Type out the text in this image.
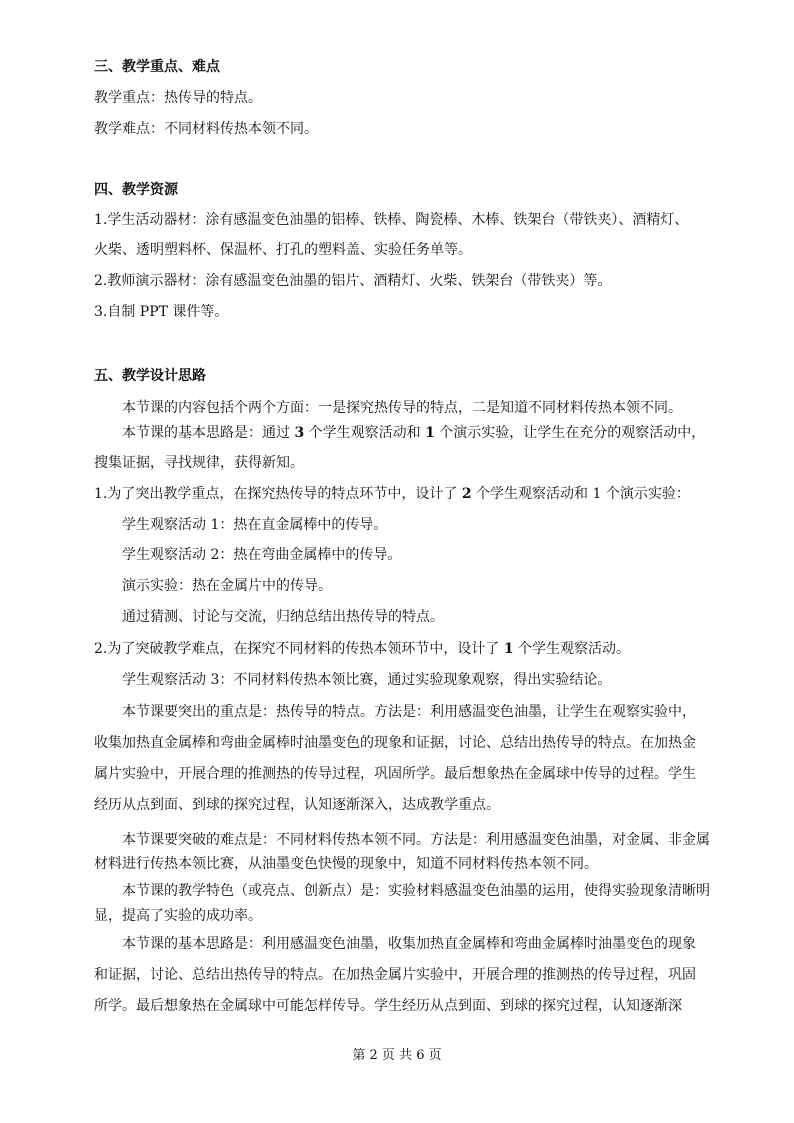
三、教学重点、难点
教学重点：热传导的特点。
教学难点：不同材料传热本领不同。
四、教学资源
1.学生活动器材：涂有感温变色油墨的铝棒、铁棒、陶瓷棒、木棒、铁架台（带铁夹）、酒精灯、
火柴、透明塑料杯、保温杯、打孔的塑料盖、实验任务单等。
2.教师演示器材：涂有感温变色油墨的铝片、酒精灯、火柴、铁架台（带铁夹）等。
3.自制 PPT 课件等。
五、教学设计思路
本节课的内容包括个两个方面：一是探究热传导的特点，二是知道不同材料传热本领不同。
本节课的基本思路是：通过 3 个学生观察活动和 1 个演示实验，让学生在充分的观察活动中，
搜集证据，寻找规律，获得新知。
1.为了突出教学重点，在探究热传导的特点环节中，设计了 2 个学生观察活动和 1 个演示实验：
学生观察活动 1：热在直金属棒中的传导。
学生观察活动 2：热在弯曲金属棒中的传导。
演示实验：热在金属片中的传导。
通过猜测、讨论与交流，归纳总结出热传导的特点。
2.为了突破教学难点，在探究不同材料的传热本领环节中，设计了 1 个学生观察活动。
学生观察活动 3：不同材料传热本领比赛，通过实验现象观察，得出实验结论。
本节课要突出的重点是：热传导的特点。方法是：利用感温变色油墨，让学生在观察实验中，
收集加热直金属棒和弯曲金属棒时油墨变色的现象和证据，讨论、总结出热传导的特点。在加热金
属片实验中，开展合理的推测热的传导过程，巩固所学。最后想象热在金属球中传导的过程。学生
经历从点到面、到球的探究过程，认知逐渐深入，达成教学重点。
本节课要突破的难点是：不同材料传热本领不同。方法是：利用感温变色油墨，对金属、非金属
材料进行传热本领比赛，从油墨变色快慢的现象中，知道不同材料传热本领不同。
本节课的教学特色（或亮点、创新点）是：实验材料感温变色油墨的运用，使得实验现象清晰明
显，提高了实验的成功率。
本节课的基本思路是：利用感温变色油墨，收集加热直金属棒和弯曲金属棒时油墨变色的现象
和证据，讨论、总结出热传导的特点。在加热金属片实验中，开展合理的推测热的传导过程，巩固
所学。最后想象热在金属球中可能怎样传导。学生经历从点到面、到球的探究过程，认知逐渐深
第 2 页 共 6 页
